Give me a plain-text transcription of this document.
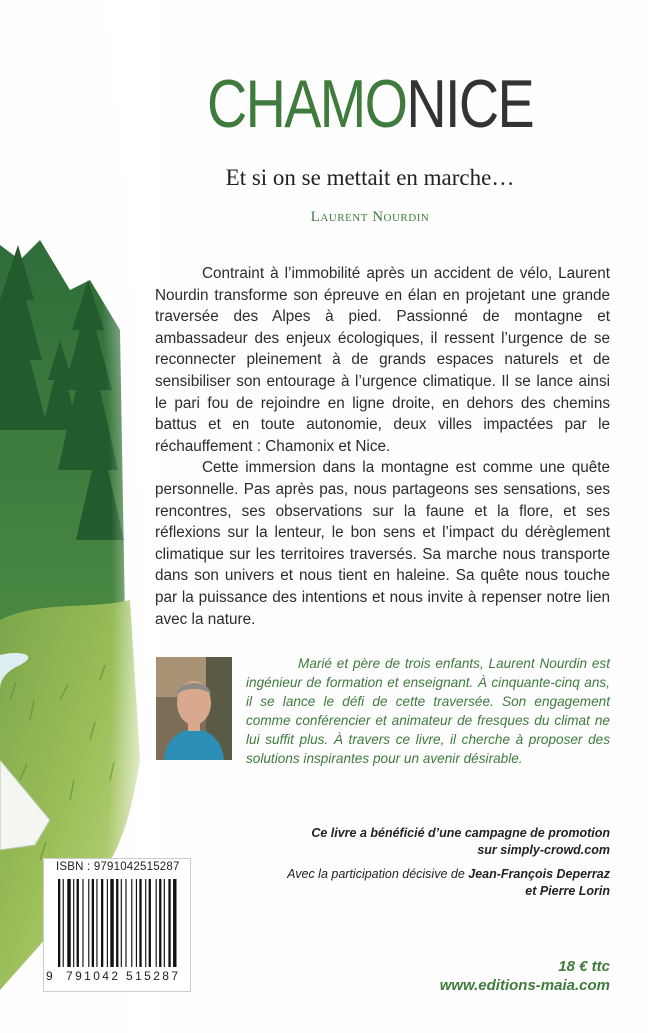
CHAMONICE
Et si on se mettait en marche…
Laurent Nourdin

Contraint à l’immobilité après un accident de vélo, Laurent Nourdin transforme son épreuve en élan en projetant une grande traversée des Alpes à pied. Passionné de montagne et ambassadeur des enjeux écologiques, il ressent l’urgence de se reconnecter pleinement à de grands espaces naturels et de sensibiliser son entourage à l’urgence climatique. Il se lance ainsi le pari fou de rejoindre en ligne droite, en dehors des chemins battus et en toute autonomie, deux villes impactées par le réchauffement : Chamonix et Nice.

Cette immersion dans la montagne est comme une quête personnelle. Pas après pas, nous partageons ses sensations, ses rencontres, ses observations sur la faune et la flore, et ses réflexions sur la lenteur, le bon sens et l’impact du dérèglement climatique sur les territoires traversés. Sa marche nous transporte dans son univers et nous tient en haleine. Sa quête nous touche par la puissance des intentions et nous invite à repenser notre lien avec la nature.

Marié et père de trois enfants, Laurent Nourdin est ingénieur de formation et enseignant. À cinquante-cinq ans, il se lance le défi de cette traversée. Son engagement comme conférencier et animateur de fresques du climat ne lui suffit plus. À travers ce livre, il cherche à proposer des solutions inspirantes pour un avenir désirable.

Ce livre a bénéficié d’une campagne de promotion
sur simply-crowd.com
Avec la participation décisive de Jean-François Deperraz
et Pierre Lorin
ISBN : 9791042515287
9 791042 515287
18 € ttc
www.editions-maia.com
